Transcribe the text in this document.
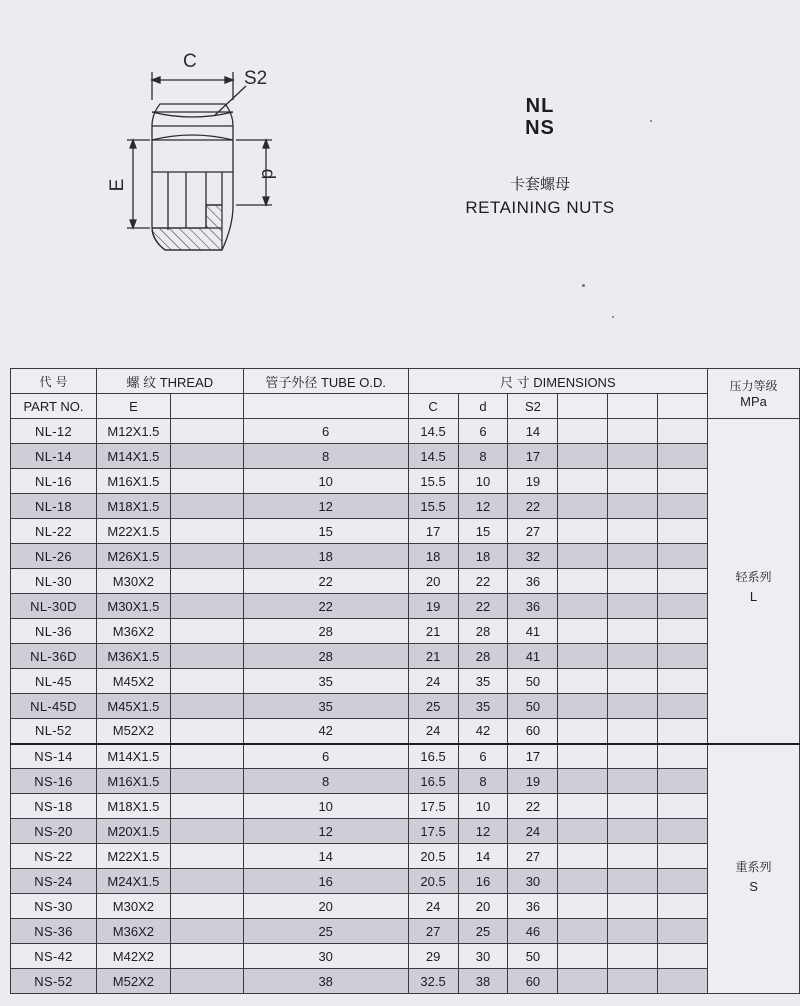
C
S2
E
d
NL
NS
卡套螺母
RETAINING NUTS
代 号	螺 纹 THREAD		管子外径 TUBE O.D.	尺 寸 DIMENSIONS						压力等级
MPa
PART NO.	E			C	d	S2				
NL-12	M12X1.5		6	14.5	6	14				轻系列
L
NL-14	M14X1.5		8	14.5	8	17				
NL-16	M16X1.5		10	15.5	10	19				
NL-18	M18X1.5		12	15.5	12	22				
NL-22	M22X1.5		15	17	15	27				
NL-26	M26X1.5		18	18	18	32				
NL-30	M30X2		22	20	22	36				
NL-30D	M30X1.5		22	19	22	36				
NL-36	M36X2		28	21	28	41				
NL-36D	M36X1.5		28	21	28	41				
NL-45	M45X2		35	24	35	50				
NL-45D	M45X1.5		35	25	35	50				
NL-52	M52X2		42	24	42	60				
NS-14	M14X1.5		6	16.5	6	17				重系列
S
NS-16	M16X1.5		8	16.5	8	19				
NS-18	M18X1.5		10	17.5	10	22				
NS-20	M20X1.5		12	17.5	12	24				
NS-22	M22X1.5		14	20.5	14	27				
NS-24	M24X1.5		16	20.5	16	30				
NS-30	M30X2		20	24	20	36				
NS-36	M36X2		25	27	25	46				
NS-42	M42X2		30	29	30	50				
NS-52	M52X2		38	32.5	38	60				
